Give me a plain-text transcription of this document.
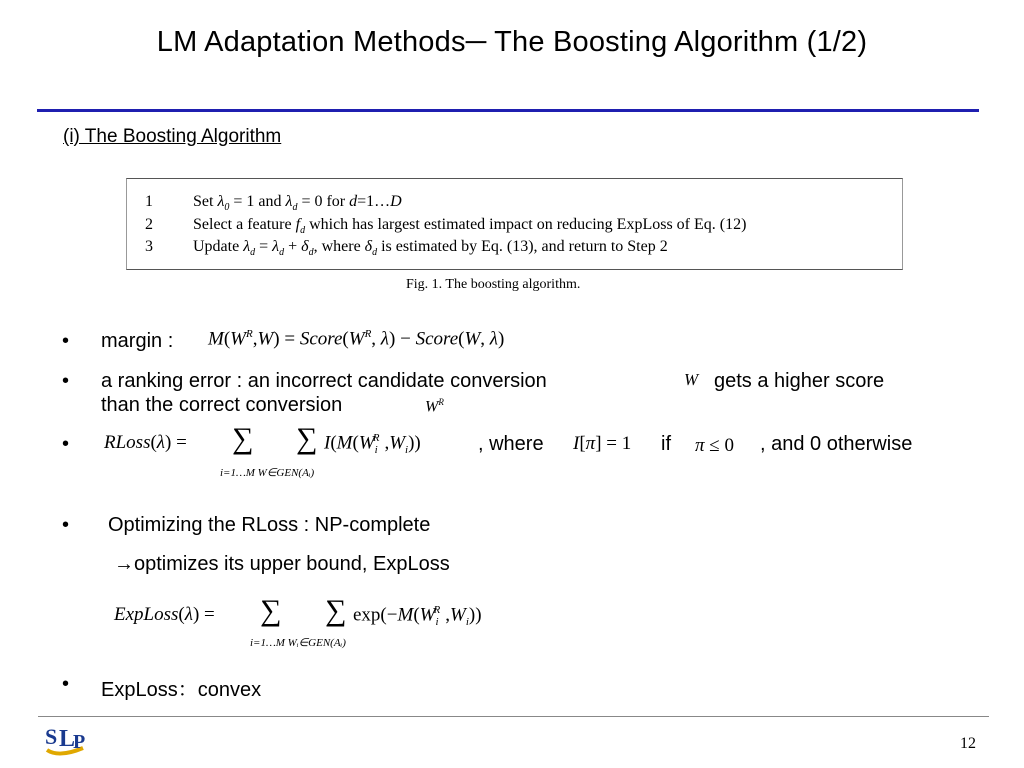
LM Adaptation Methods─ The Boosting Algorithm (1/2)
(i) The Boosting Algorithm
1	Set $\lambda_0 = 1$ and $\lambda_d = 0$ for d=1…D
2	Select a feature $f_d$ which has largest estimated impact on reducing ExpLoss of Eq. (12)
3	Update $\lambda_d = \lambda_d + \delta_d$, where $\delta_d$ is estimated by Eq. (13), and return to Step 2
Fig. 1. The boosting algorithm.
• margin : $M(W^R,W)$ = $Score(W^R$, λ) − Score(W, λ)
• a ranking error : an incorrect candidate conversion	W gets a higher score
than the correct conversion	$W^R$
• RLoss(λ) = ∑ ∑ $I(M(W_i^R$ $,W_i$))
i=1…M W∈GEN(Aᵢ)
, where I[π] = 1 if π ≤ 0 , and 0 otherwise
• Optimizing the RLoss : NP-complete
→optimizes its upper bound, ExpLoss
ExpLoss(λ) = ∑ ∑ $\exp(-M(W_i^R$ $,W_i$))
i=1…M Wᵢ∈GEN(Aᵢ)
• ExpLoss：convex
S L
P	12
